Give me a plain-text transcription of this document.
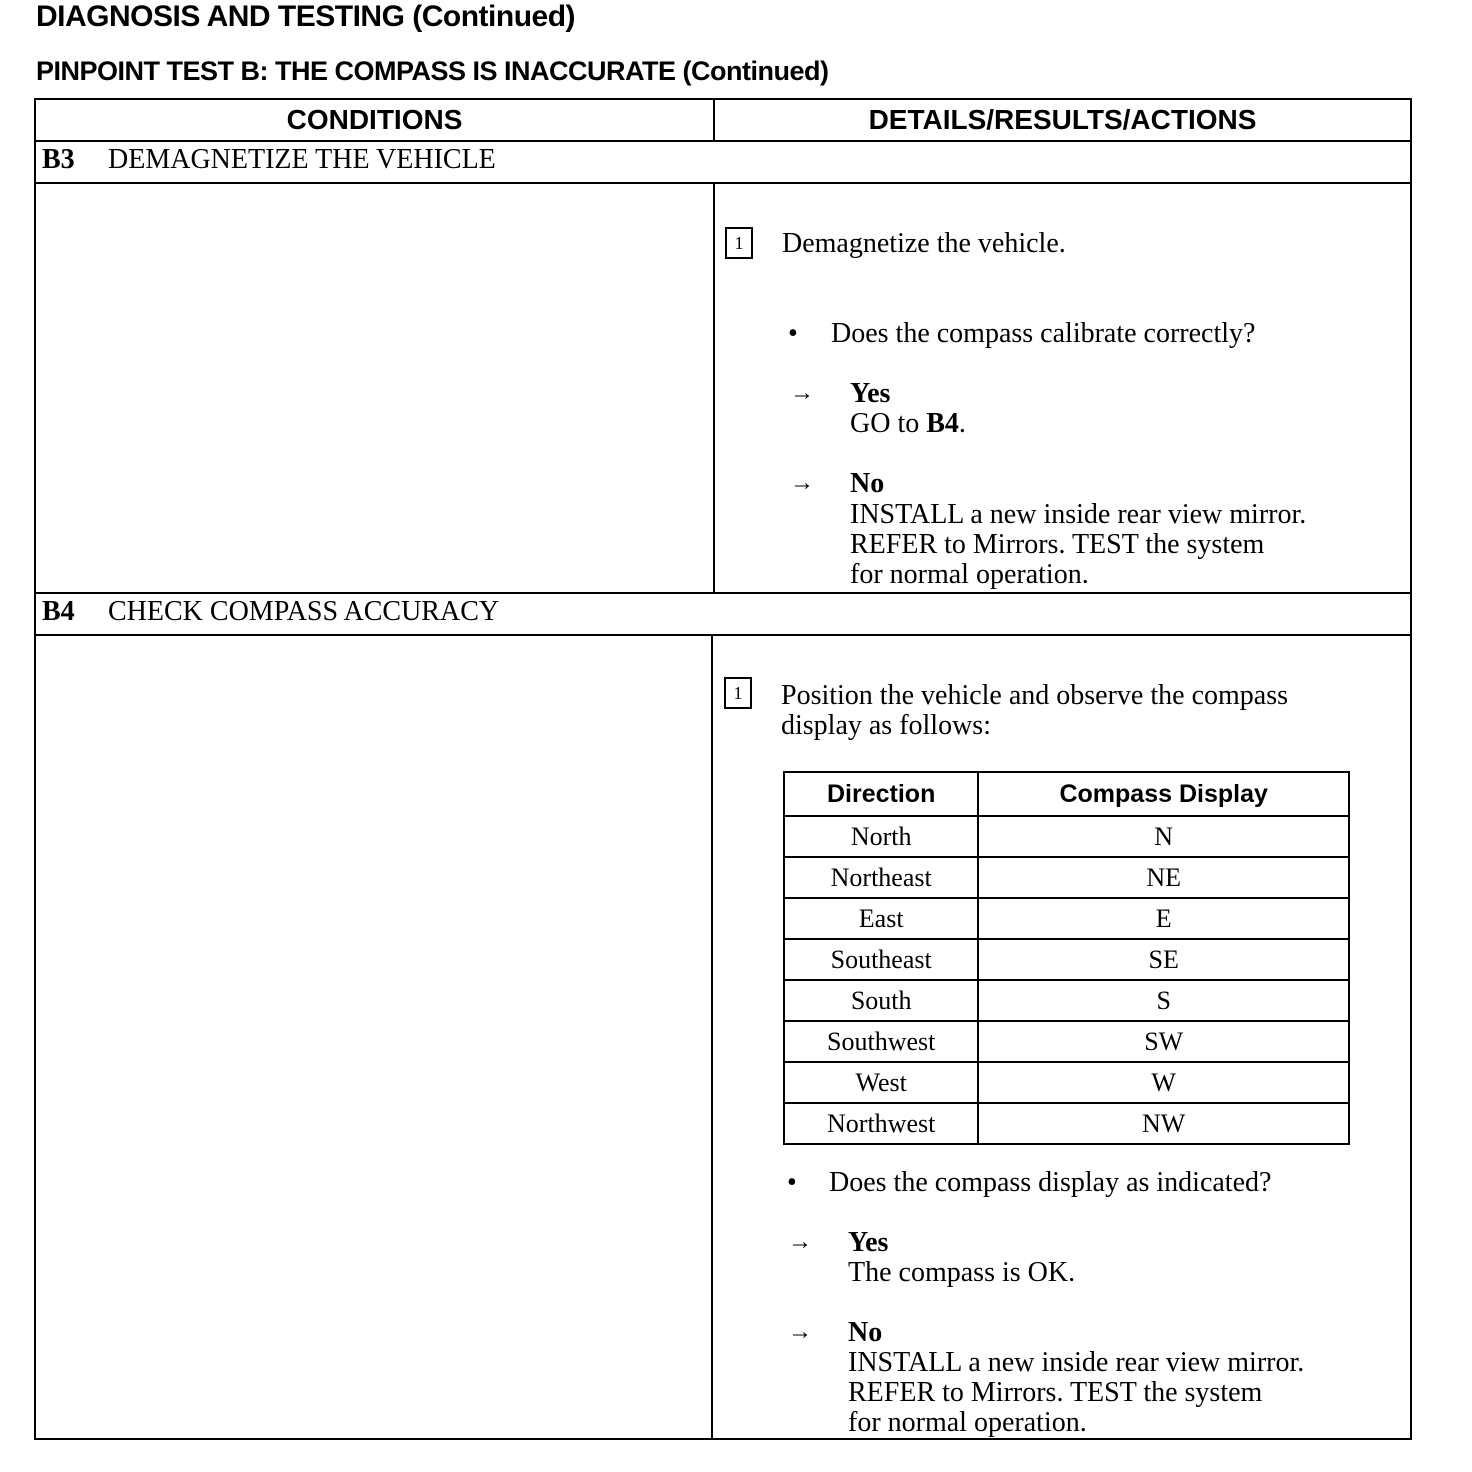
DIAGNOSIS AND TESTING (Continued)
PINPOINT TEST B: THE COMPASS IS INACCURATE (Continued)
CONDITIONS	DETAILS/RESULTS/ACTIONS
B3 DEMAGNETIZE THE VEHICLE
1	Demagnetize the vehicle.
• Does the compass calibrate correctly?
→ Yes
GO to B4.
→ No
INSTALL a new inside rear view mirror.
REFER to Mirrors. TEST the system
for normal operation.
B4 CHECK COMPASS ACCURACY
1	Position the vehicle and observe the compass
display as follows:
Direction	Compass Display
North	N
Northeast	NE
East	E
Southeast	SE
South	S
Southwest	SW
West	W
Northwest	NW
• Does the compass display as indicated?
→ Yes
The compass is OK.
→ No
INSTALL a new inside rear view mirror.
REFER to Mirrors. TEST the system
for normal operation.
